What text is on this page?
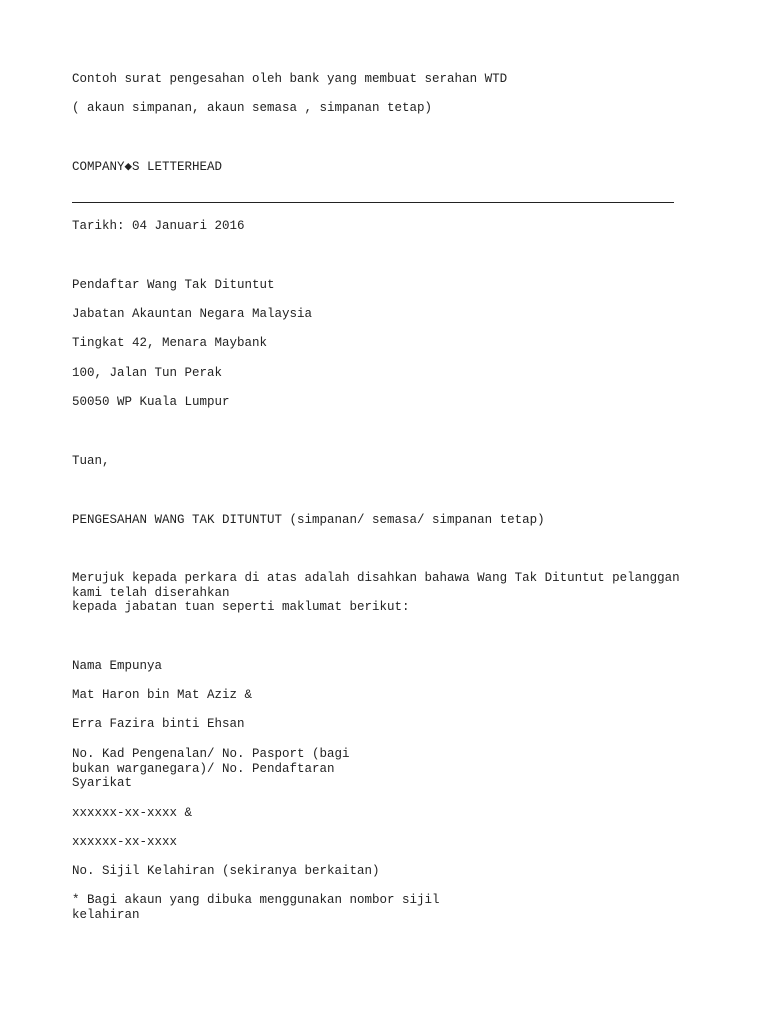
Contoh surat pengesahan oleh bank yang membuat serahan WTD

( akaun simpanan, akaun semasa , simpanan tetap)

COMPANY◆S LETTERHEAD

Tarikh: 04 Januari 2016

Pendaftar Wang Tak Dituntut

Jabatan Akauntan Negara Malaysia

Tingkat 42, Menara Maybank

100, Jalan Tun Perak

50050 WP Kuala Lumpur

Tuan,

PENGESAHAN WANG TAK DITUNTUT (simpanan/ semasa/ simpanan tetap)

Merujuk kepada perkara di atas adalah disahkan bahawa Wang Tak Dituntut pelanggan
kami telah diserahkan
kepada jabatan tuan seperti maklumat berikut:

Nama Empunya

Mat Haron bin Mat Aziz &

Erra Fazira binti Ehsan

No. Kad Pengenalan/ No. Pasport (bagi
bukan warganegara)/ No. Pendaftaran
Syarikat

xxxxxx-xx-xxxx &

xxxxxx-xx-xxxx

No. Sijil Kelahiran (sekiranya berkaitan)

* Bagi akaun yang dibuka menggunakan nombor sijil
kelahiran
